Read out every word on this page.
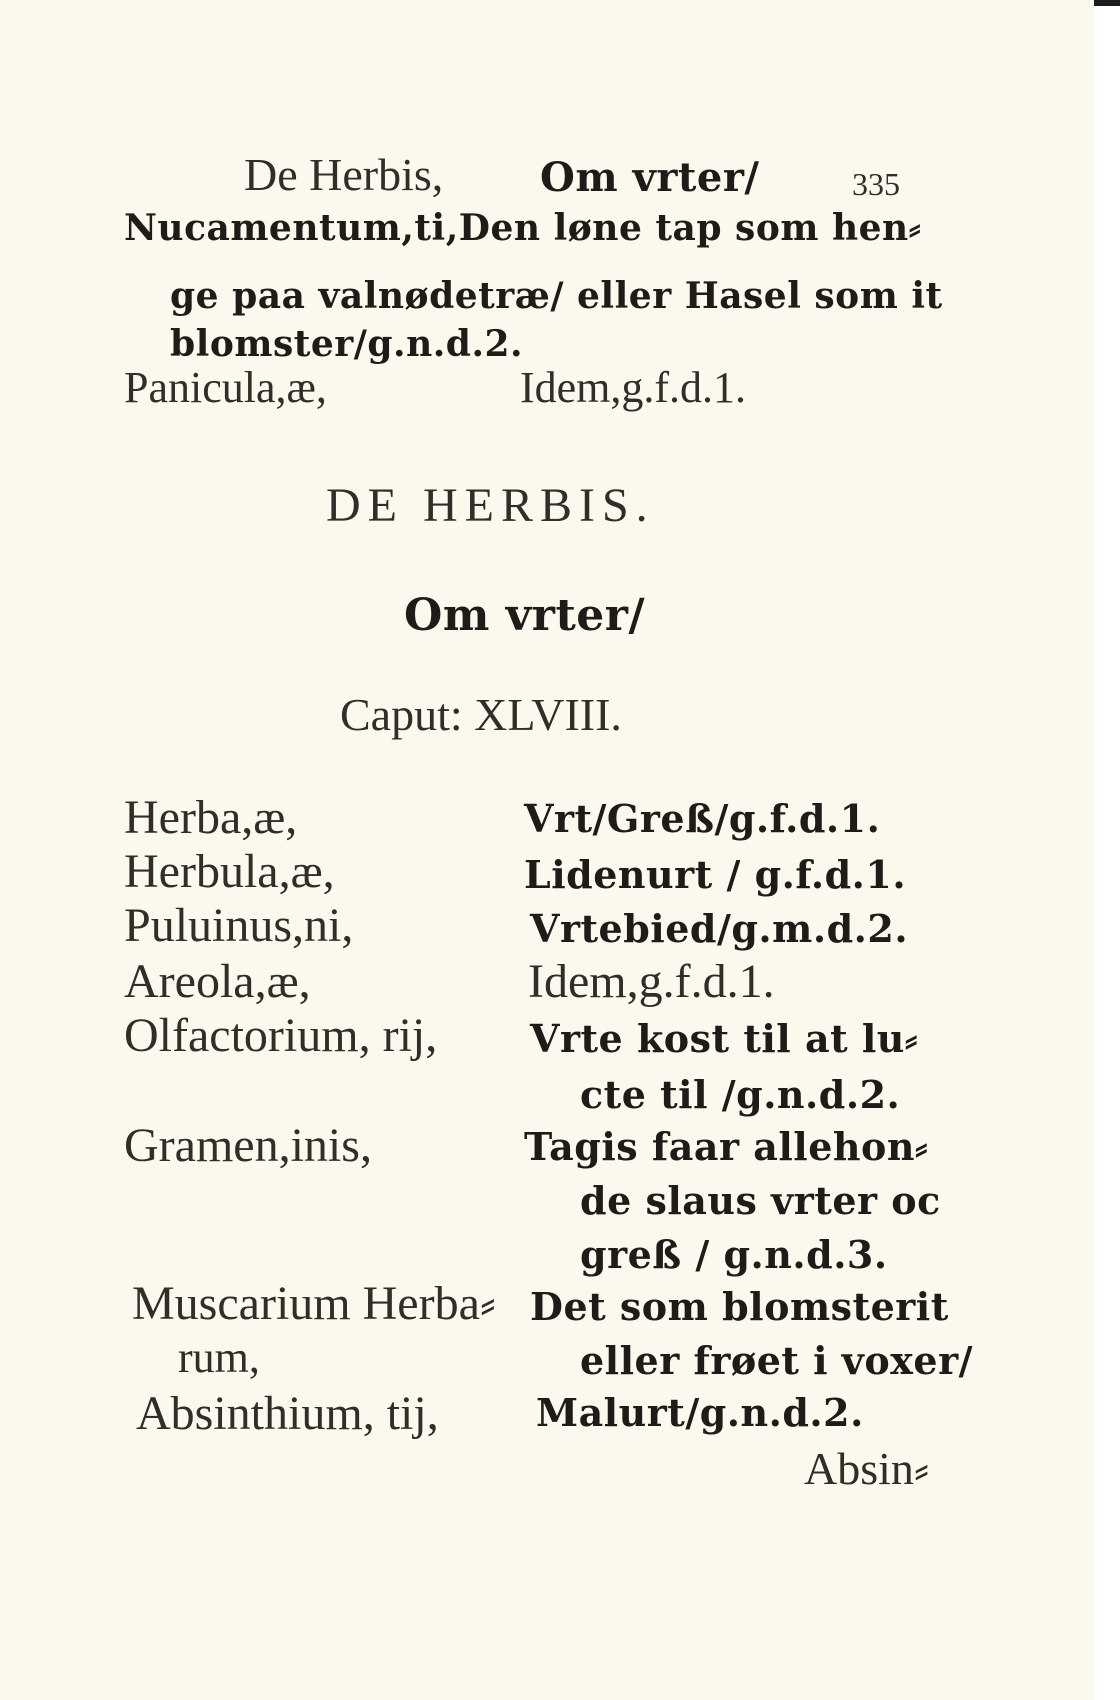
De Herbis, Om vrter/	335
Nucamentum,ti,Den løne tap som hen⸗
ge paa valnødetræ/ eller Hasel som it
blomster/g.n.d.2.
Panicula,æ,	Idem,g.f.d.1.
DE HERBIS.
Om vrter/
Caput: XLVIII.
Herba,æ,
Herbula,æ,
Puluinus,ni,
Areola,æ,
Olfactorium, rij,
Gramen,inis,
Muscarium Herba⸗
rum,
Absinthium, tij,
Vrt/Greß/g.f.d.1.
Lidenurt / g.f.d.1.
Vrtebied/g.m.d.2.
Idem,g.f.d.1.
Vrte kost til at lu⸗
cte til /g.n.d.2.
Tagis faar allehon⸗
de slaus vrter oc
greß / g.n.d.3.
Det som blomsterit
eller frøet i voxer/
Malurt/g.n.d.2.
Absin⸗
